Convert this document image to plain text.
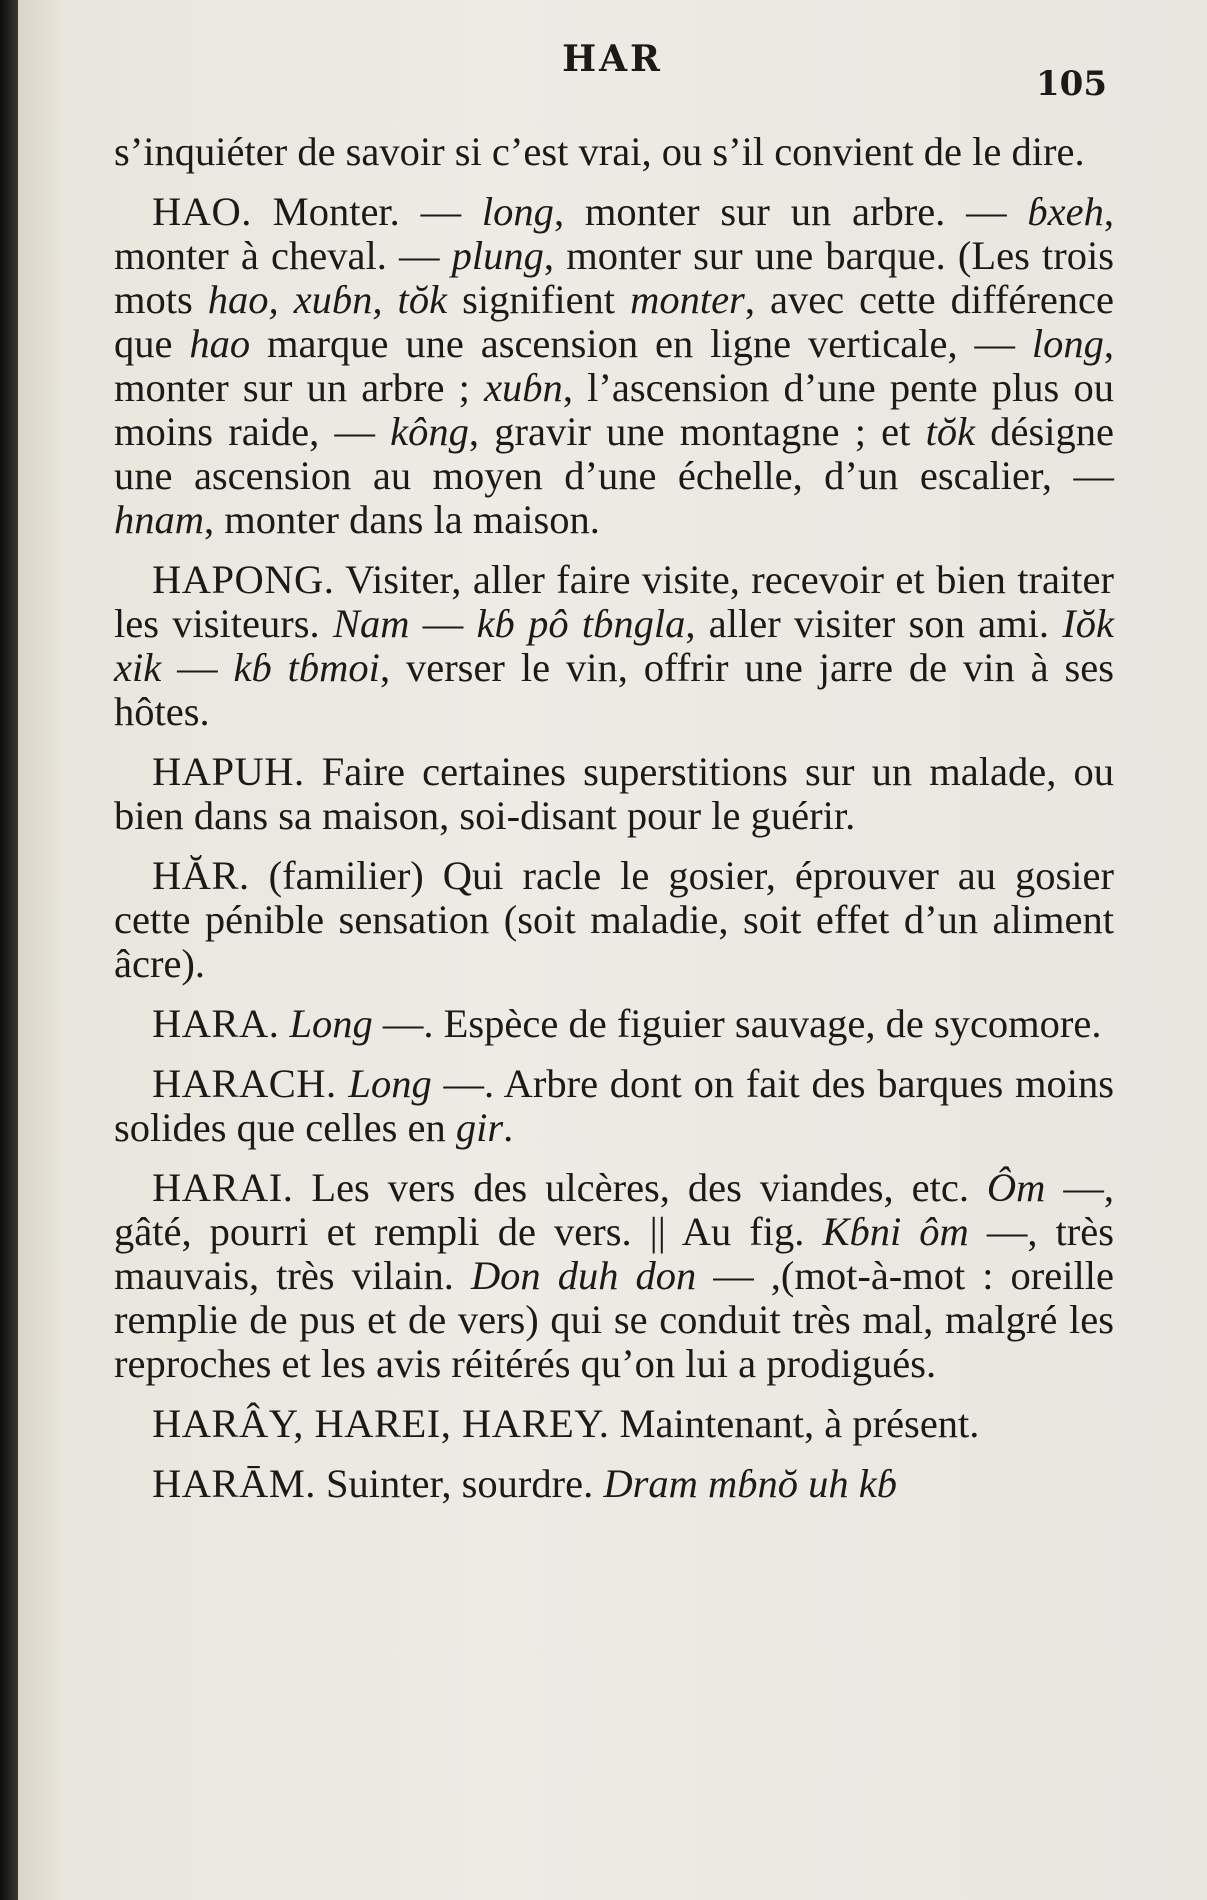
HAR
105

s’inquiéter de savoir si c’est vrai, ou s’il convient de le dire.

HAO. Monter. — long, monter sur un arbre. — ɓxeh, monter à cheval. — plung, monter sur une barque. (Les trois mots hao, xuɓn, tŏk signifient monter, avec cette différence que hao marque une ascension en ligne verticale, — long, monter sur un arbre ; xuɓn, l’ascension d’une pente plus ou moins raide, — kông, gravir une montagne ; et tŏk désigne une ascension au moyen d’une échelle, d’un escalier, — hnam, monter dans la maison.

HAPONG. Visiter, aller faire visite, recevoir et bien traiter les visiteurs. Nam — kɓ pô tɓngla, aller visiter son ami. Iŏk xik — kɓ tɓmoi, verser le vin, offrir une jarre de vin à ses hôtes.

HAPUH. Faire certaines superstitions sur un malade, ou bien dans sa maison, soi-disant pour le guérir.

HĂR. (familier) Qui racle le gosier, éprouver au gosier cette pénible sensation (soit maladie, soit effet d’un aliment âcre).

HARA. Long —. Espèce de figuier sauvage, de sycomore.

HARACH. Long —. Arbre dont on fait des barques moins solides que celles en gir.

HARAI. Les vers des ulcères, des viandes, etc. Ôm —, gâté, pourri et rempli de vers. || Au fig. Kɓni ôm —, très mauvais, très vilain. Don duh don — ,(mot-à-mot : oreille remplie de pus et de vers) qui se conduit très mal, malgré les reproches et les avis réitérés qu’on lui a prodigués.

HARÂY, HAREI, HAREY. Maintenant, à présent.

HARĀM. Suinter, sourdre. Dram mɓnŏ uh kɓ
